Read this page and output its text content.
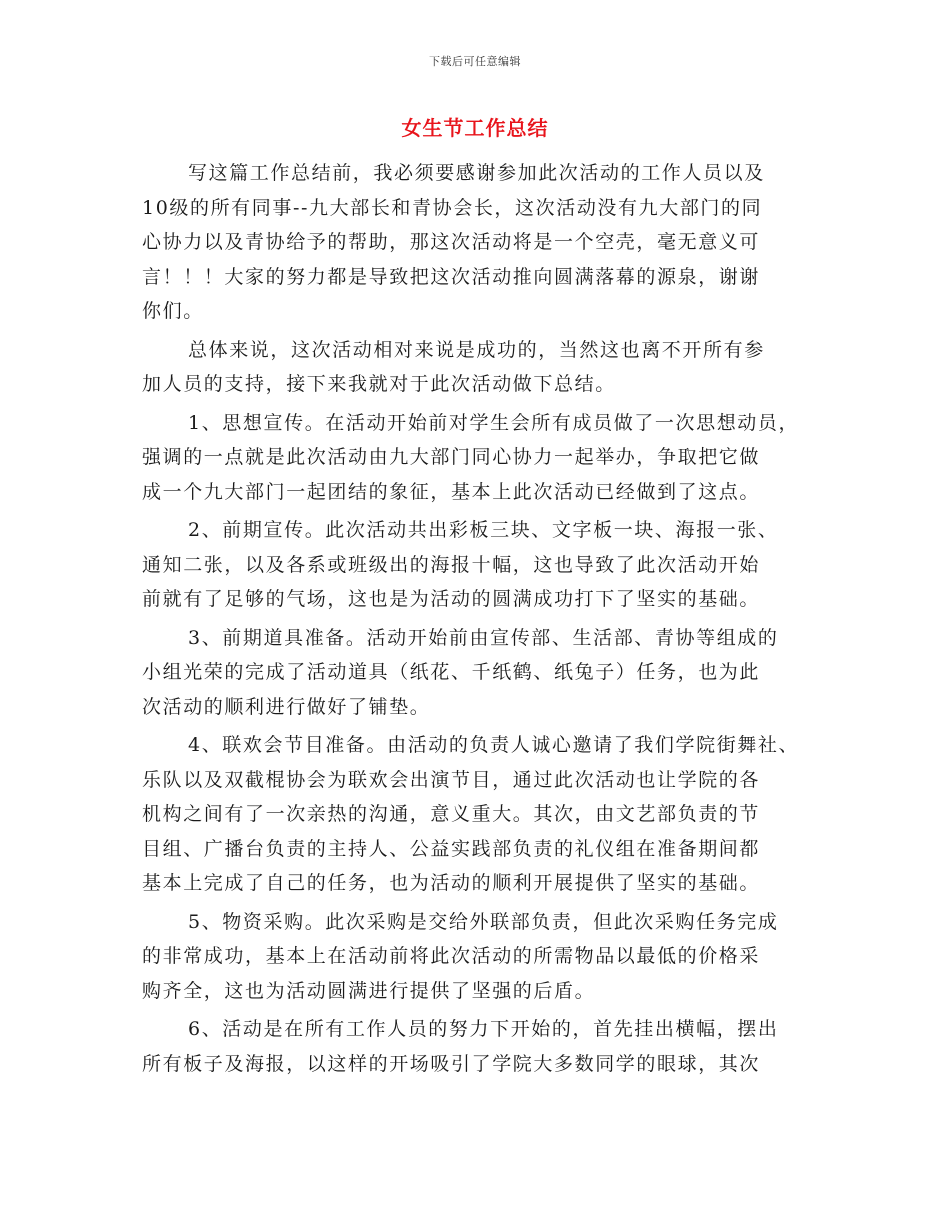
下载后可任意编辑
女生节工作总结
写这篇工作总结前，我必须要感谢参加此次活动的工作人员以及
10级的所有同事--九大部长和青协会长，这次活动没有九大部门的同
心协力以及青协给予的帮助，那这次活动将是一个空壳，毫无意义可
言！！！大家的努力都是导致把这次活动推向圆满落幕的源泉，谢谢
你们。
总体来说，这次活动相对来说是成功的，当然这也离不开所有参
加人员的支持，接下来我就对于此次活动做下总结。
1、思想宣传。在活动开始前对学生会所有成员做了一次思想动员，
强调的一点就是此次活动由九大部门同心协力一起举办，争取把它做
成一个九大部门一起团结的象征，基本上此次活动已经做到了这点。
2、前期宣传。此次活动共出彩板三块、文字板一块、海报一张、
通知二张，以及各系或班级出的海报十幅，这也导致了此次活动开始
前就有了足够的气场，这也是为活动的圆满成功打下了坚实的基础。
3、前期道具准备。活动开始前由宣传部、生活部、青协等组成的
小组光荣的完成了活动道具（纸花、千纸鹤、纸兔子）任务，也为此
次活动的顺利进行做好了铺垫。
4、联欢会节目准备。由活动的负责人诚心邀请了我们学院街舞社、
乐队以及双截棍协会为联欢会出演节目，通过此次活动也让学院的各
机构之间有了一次亲热的沟通，意义重大。其次，由文艺部负责的节
目组、广播台负责的主持人、公益实践部负责的礼仪组在准备期间都
基本上完成了自己的任务，也为活动的顺利开展提供了坚实的基础。
5、物资采购。此次采购是交给外联部负责，但此次采购任务完成
的非常成功，基本上在活动前将此次活动的所需物品以最低的价格采
购齐全，这也为活动圆满进行提供了坚强的后盾。
6、活动是在所有工作人员的努力下开始的，首先挂出横幅，摆出
所有板子及海报，以这样的开场吸引了学院大多数同学的眼球，其次
